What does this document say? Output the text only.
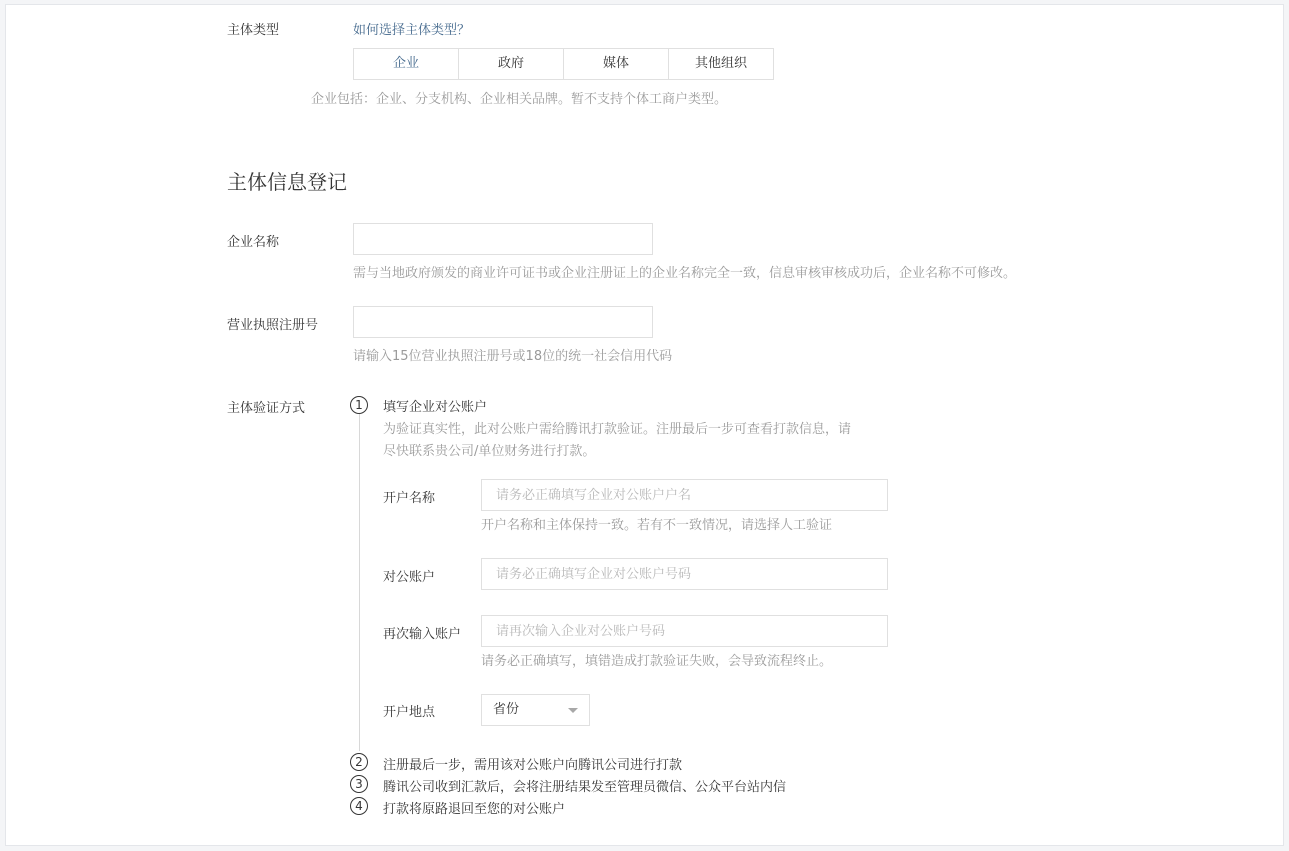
主体类型	如何选择主体类型？
企业	政府	媒体	其他组织
企业包括：企业、分支机构、企业相关品牌。暂不支持个体工商户类型。
主体信息登记
企业名称
需与当地政府颁发的商业许可证书或企业注册证上的企业名称完全一致，信息审核审核成功后，企业名称不可修改。
营业执照注册号
请输入15位营业执照注册号或18位的统一社会信用代码
主体验证方式	1	填写企业对公账户
为验证真实性，此对公账户需给腾讯打款验证。注册最后一步可查看打款信息，请
尽快联系贵公司/单位财务进行打款。
开户名称
请务必正确填写企业对公账户户名
开户名称和主体保持一致。若有不一致情况，请选择人工验证
对公账户
请务必正确填写企业对公账户号码
再次输入账户
请再次输入企业对公账户号码
请务必正确填写，填错造成打款验证失败，会导致流程终止。
开户地点	省份
2	注册最后一步，需用该对公账户向腾讯公司进行打款
3	腾讯公司收到汇款后，会将注册结果发至管理员微信、公众平台站内信
4	打款将原路退回至您的对公账户
